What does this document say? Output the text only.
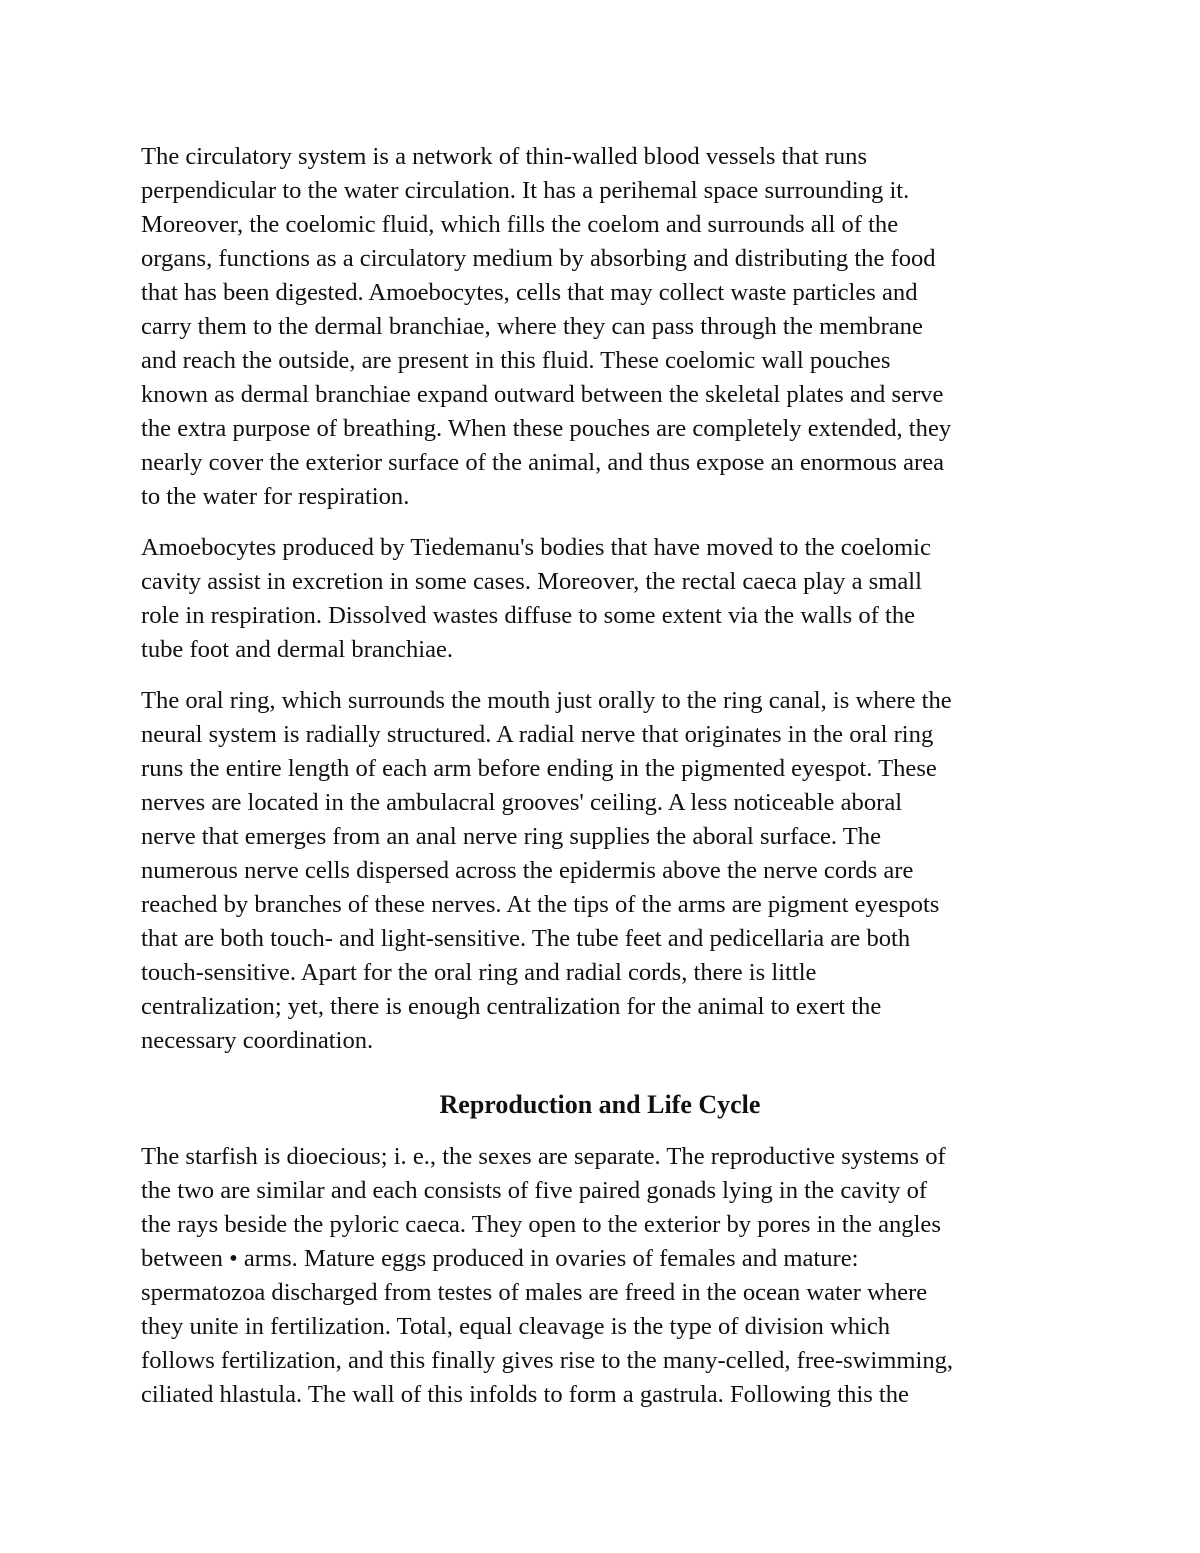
The circulatory system is a network of thin-walled blood vessels that runs
perpendicular to the water circulation. It has a perihemal space surrounding it.
Moreover, the coelomic fluid, which fills the coelom and surrounds all of the
organs, functions as a circulatory medium by absorbing and distributing the food
that has been digested. Amoebocytes, cells that may collect waste particles and
carry them to the dermal branchiae, where they can pass through the membrane
and reach the outside, are present in this fluid. These coelomic wall pouches
known as dermal branchiae expand outward between the skeletal plates and serve
the extra purpose of breathing. When these pouches are completely extended, they
nearly cover the exterior surface of the animal, and thus expose an enormous area
to the water for respiration.

Amoebocytes produced by Tiedemanu's bodies that have moved to the coelomic
cavity assist in excretion in some cases. Moreover, the rectal caeca play a small
role in respiration. Dissolved wastes diffuse to some extent via the walls of the
tube foot and dermal branchiae.

The oral ring, which surrounds the mouth just orally to the ring canal, is where the
neural system is radially structured. A radial nerve that originates in the oral ring
runs the entire length of each arm before ending in the pigmented eyespot. These
nerves are located in the ambulacral grooves' ceiling. A less noticeable aboral
nerve that emerges from an anal nerve ring supplies the aboral surface. The
numerous nerve cells dispersed across the epidermis above the nerve cords are
reached by branches of these nerves. At the tips of the arms are pigment eyespots
that are both touch- and light-sensitive. The tube feet and pedicellaria are both
touch-sensitive. Apart for the oral ring and radial cords, there is little
centralization; yet, there is enough centralization for the animal to exert the
necessary coordination.

Reproduction and Life Cycle

The starfish is dioecious; i. e., the sexes are separate. The reproductive systems of
the two are similar and each consists of five paired gonads lying in the cavity of
the rays beside the pyloric caeca. They open to the exterior by pores in the angles
between • arms. Mature eggs produced in ovaries of females and mature:
spermatozoa discharged from testes of males are freed in the ocean water where
they unite in fertilization. Total, equal cleavage is the type of division which
follows fertilization, and this finally gives rise to the many-celled, free-swimming,
ciliated hlastula. The wall of this infolds to form a gastrula. Following this the
